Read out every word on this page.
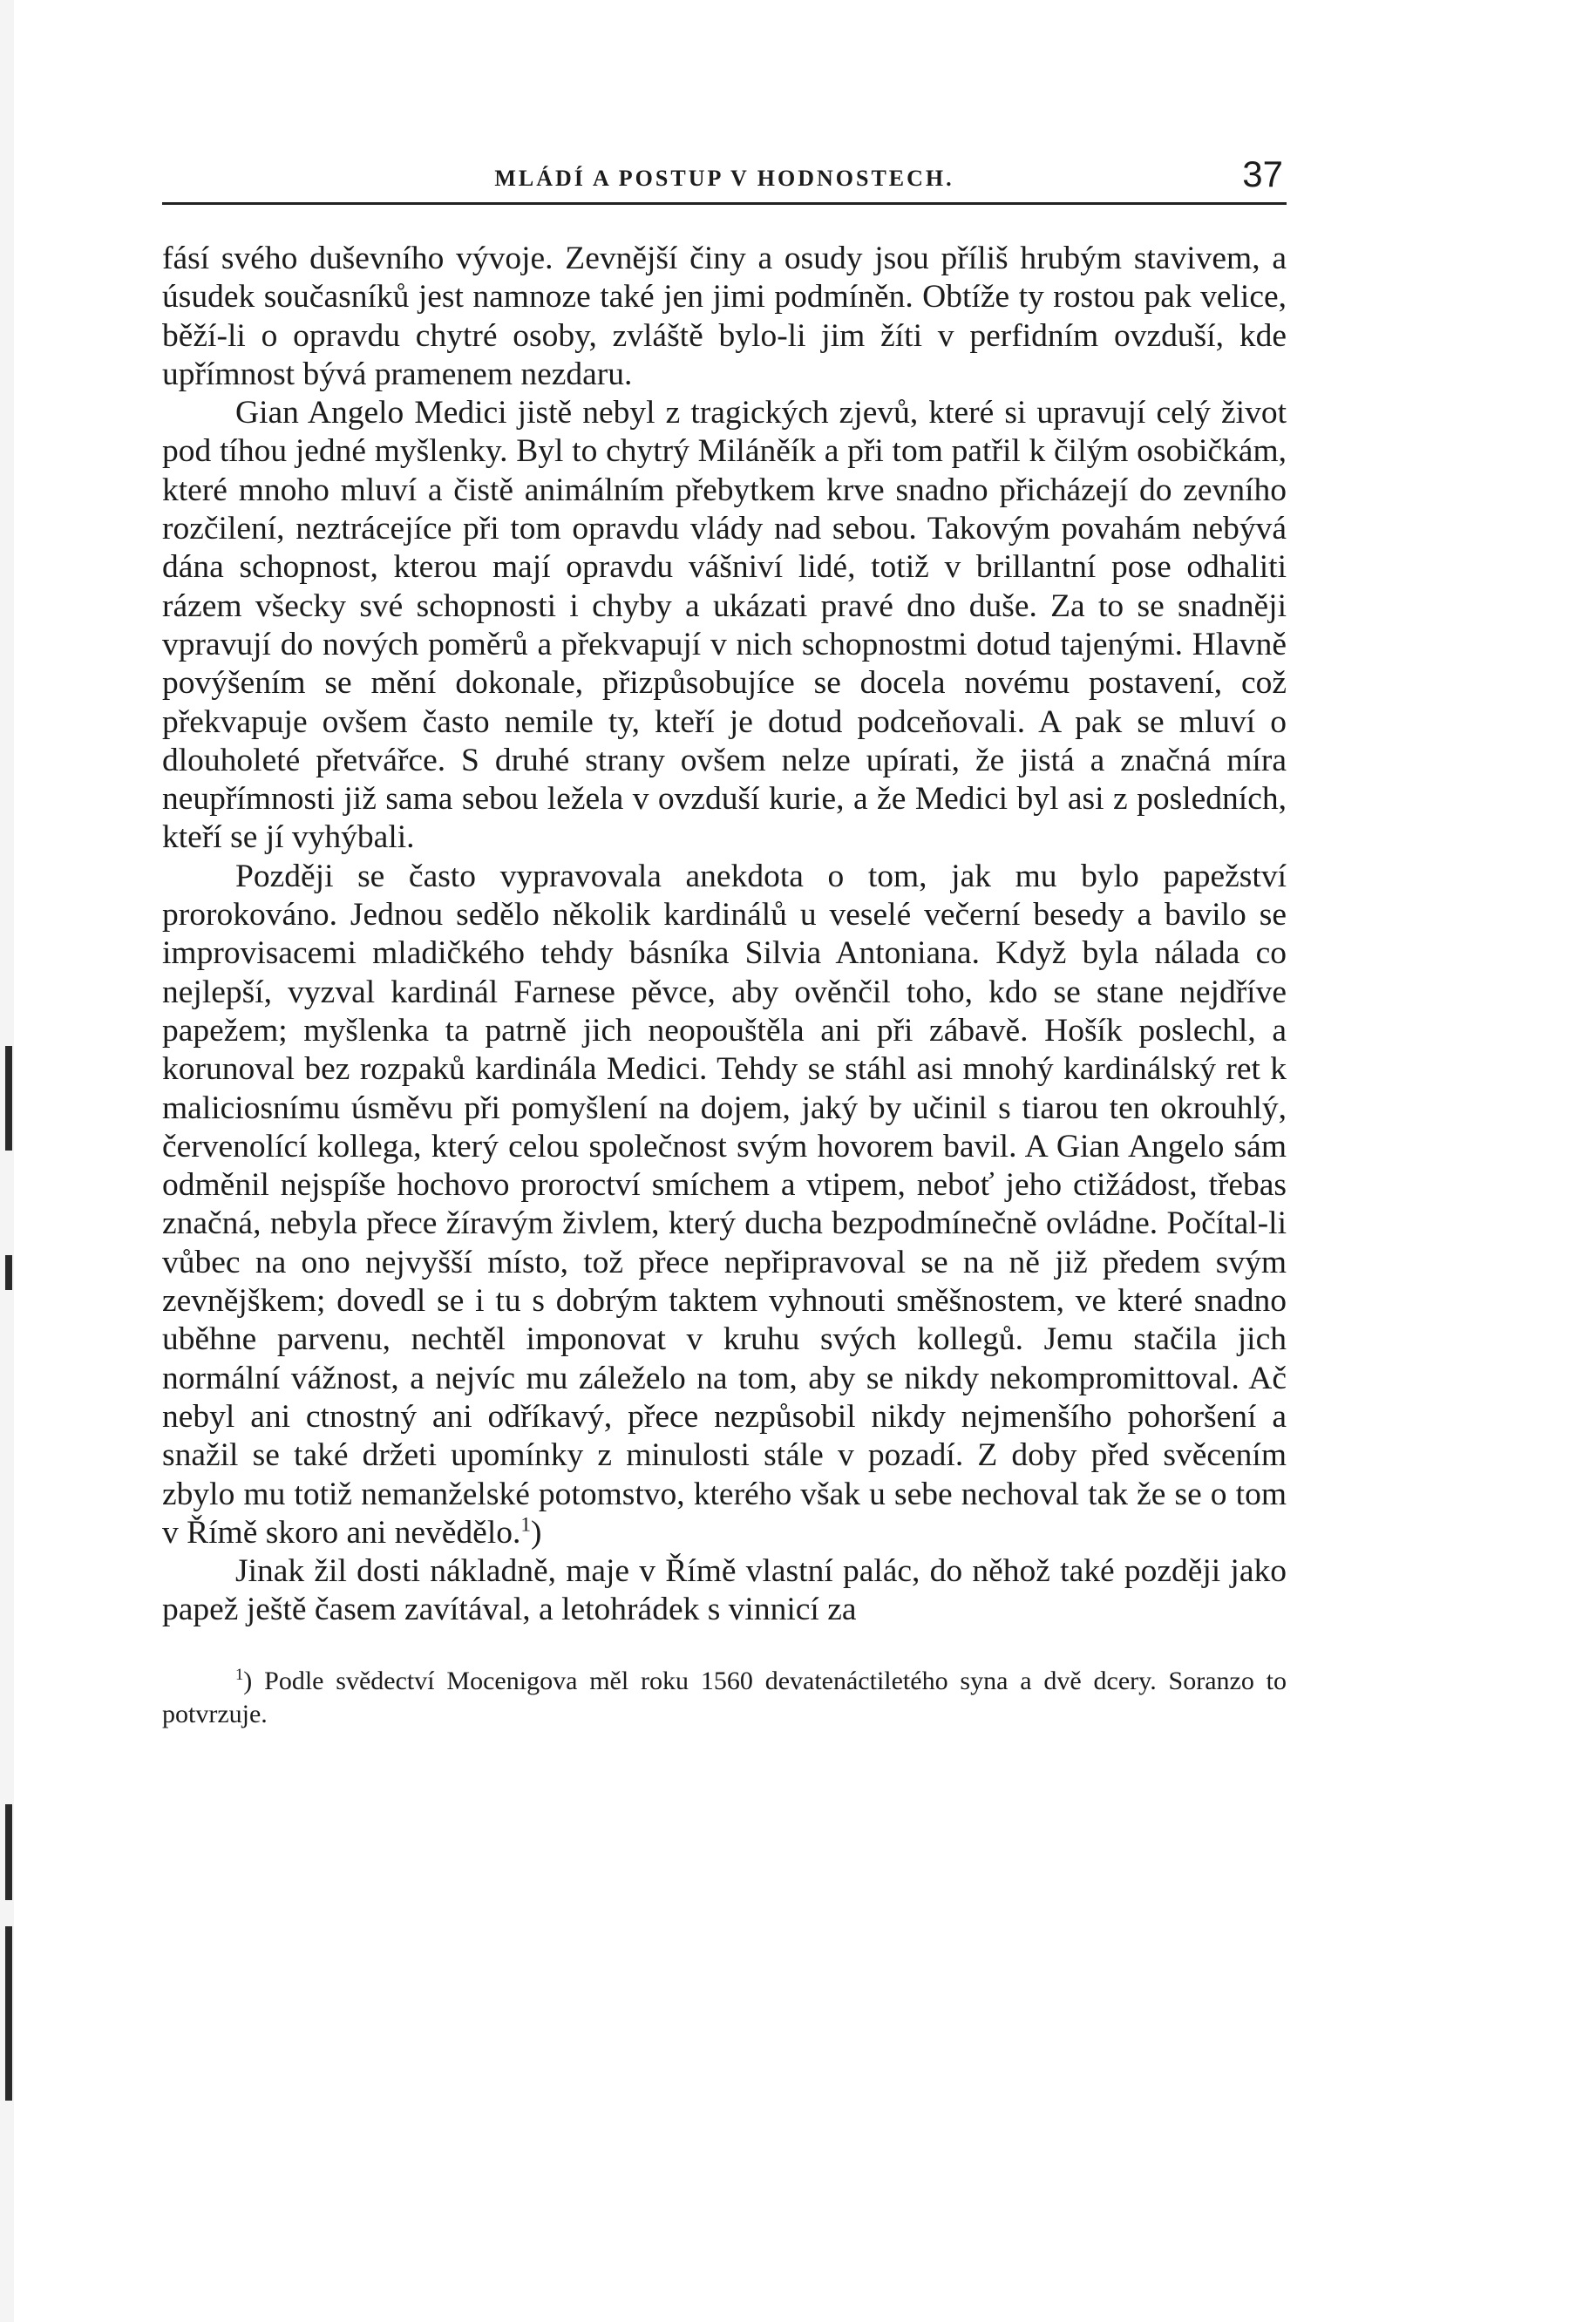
MLÁDÍ A POSTUP V HODNOSTECH.	37

fásí svého duševního vývoje. Zevnější činy a osudy jsou příliš hrubým stavivem, a úsudek současníků jest namnoze také jen jimi podmíněn. Obtíže ty rostou pak velice, běží-li o opravdu chytré osoby, zvláště bylo-li jim žíti v perfidním ovzduší, kde upřímnost bývá pramenem nezdaru.

Gian Angelo Medici jistě nebyl z tragických zjevů, které si upravují celý život pod tíhou jedné myšlenky. Byl to chytrý Miláněík a při tom patřil k čilým osobičkám, které mnoho mluví a čistě animálním přebytkem krve snadno přicházejí do zevního rozčilení, neztrácejíce při tom opravdu vlády nad sebou. Takovým povahám nebývá dána schopnost, kterou mají opravdu vášniví lidé, totiž v brillantní pose odhaliti rázem všecky své schopnosti i chyby a ukázati pravé dno duše. Za to se snadněji vpravují do nových poměrů a překvapují v nich schopnostmi dotud tajenými. Hlavně povýšením se mění dokonale, přizpůsobujíce se docela novému postavení, což překvapuje ovšem často nemile ty, kteří je dotud podceňovali. A pak se mluví o dlouholeté přetvářce. S druhé strany ovšem nelze upírati, že jistá a značná míra neupřímnosti již sama sebou ležela v ovzduší kurie, a že Medici byl asi z posledních, kteří se jí vyhýbali.

Později se často vypravovala anekdota o tom, jak mu bylo papežství prorokováno. Jednou sedělo několik kardinálů u veselé večerní besedy a bavilo se improvisacemi mladičkého tehdy básníka Silvia Antoniana. Když byla nálada co nejlepší, vyzval kardinál Farnese pěvce, aby ověnčil toho, kdo se stane nejdříve papežem; myšlenka ta patrně jich neopouštěla ani při zábavě. Hošík poslechl, a korunoval bez rozpaků kardinála Medici. Tehdy se stáhl asi mnohý kardinálský ret k maliciosnímu úsměvu při pomyšlení na dojem, jaký by učinil s tiarou ten okrouhlý, červenolící kollega, který celou společnost svým hovorem bavil. A Gian Angelo sám odměnil nejspíše hochovo proroctví smíchem a vtipem, neboť jeho ctižádost, třebas značná, nebyla přece žíravým živlem, který ducha bezpodmínečně ovládne. Počítal-li vůbec na ono nejvyšší místo, tož přece nepřipravoval se na ně již předem svým zevnějškem; dovedl se i tu s dobrým taktem vyhnouti směšnostem, ve které snadno uběhne parvenu, nechtěl imponovat v kruhu svých kollegů. Jemu stačila jich normální vážnost, a nejvíc mu záleželo na tom, aby se nikdy nekompromittoval. Ač nebyl ani ctnostný ani odříkavý, přece nezpůsobil nikdy nejmenšího pohoršení a snažil se také držeti upomínky z minulosti stále v pozadí. Z doby před svěcením zbylo mu totiž nemanželské potomstvo, kterého však u sebe nechoval tak že se o tom v Římě skoro ani nevědělo.$^1$)

Jinak žil dosti nákladně, maje v Římě vlastní palác, do něhož také později jako papež ještě časem zavítával, a letohrádek s vinnicí za

$^1$) Podle svědectví Mocenigova měl roku 1560 devatenáctiletého syna a dvě dcery. Soranzo to potvrzuje.
